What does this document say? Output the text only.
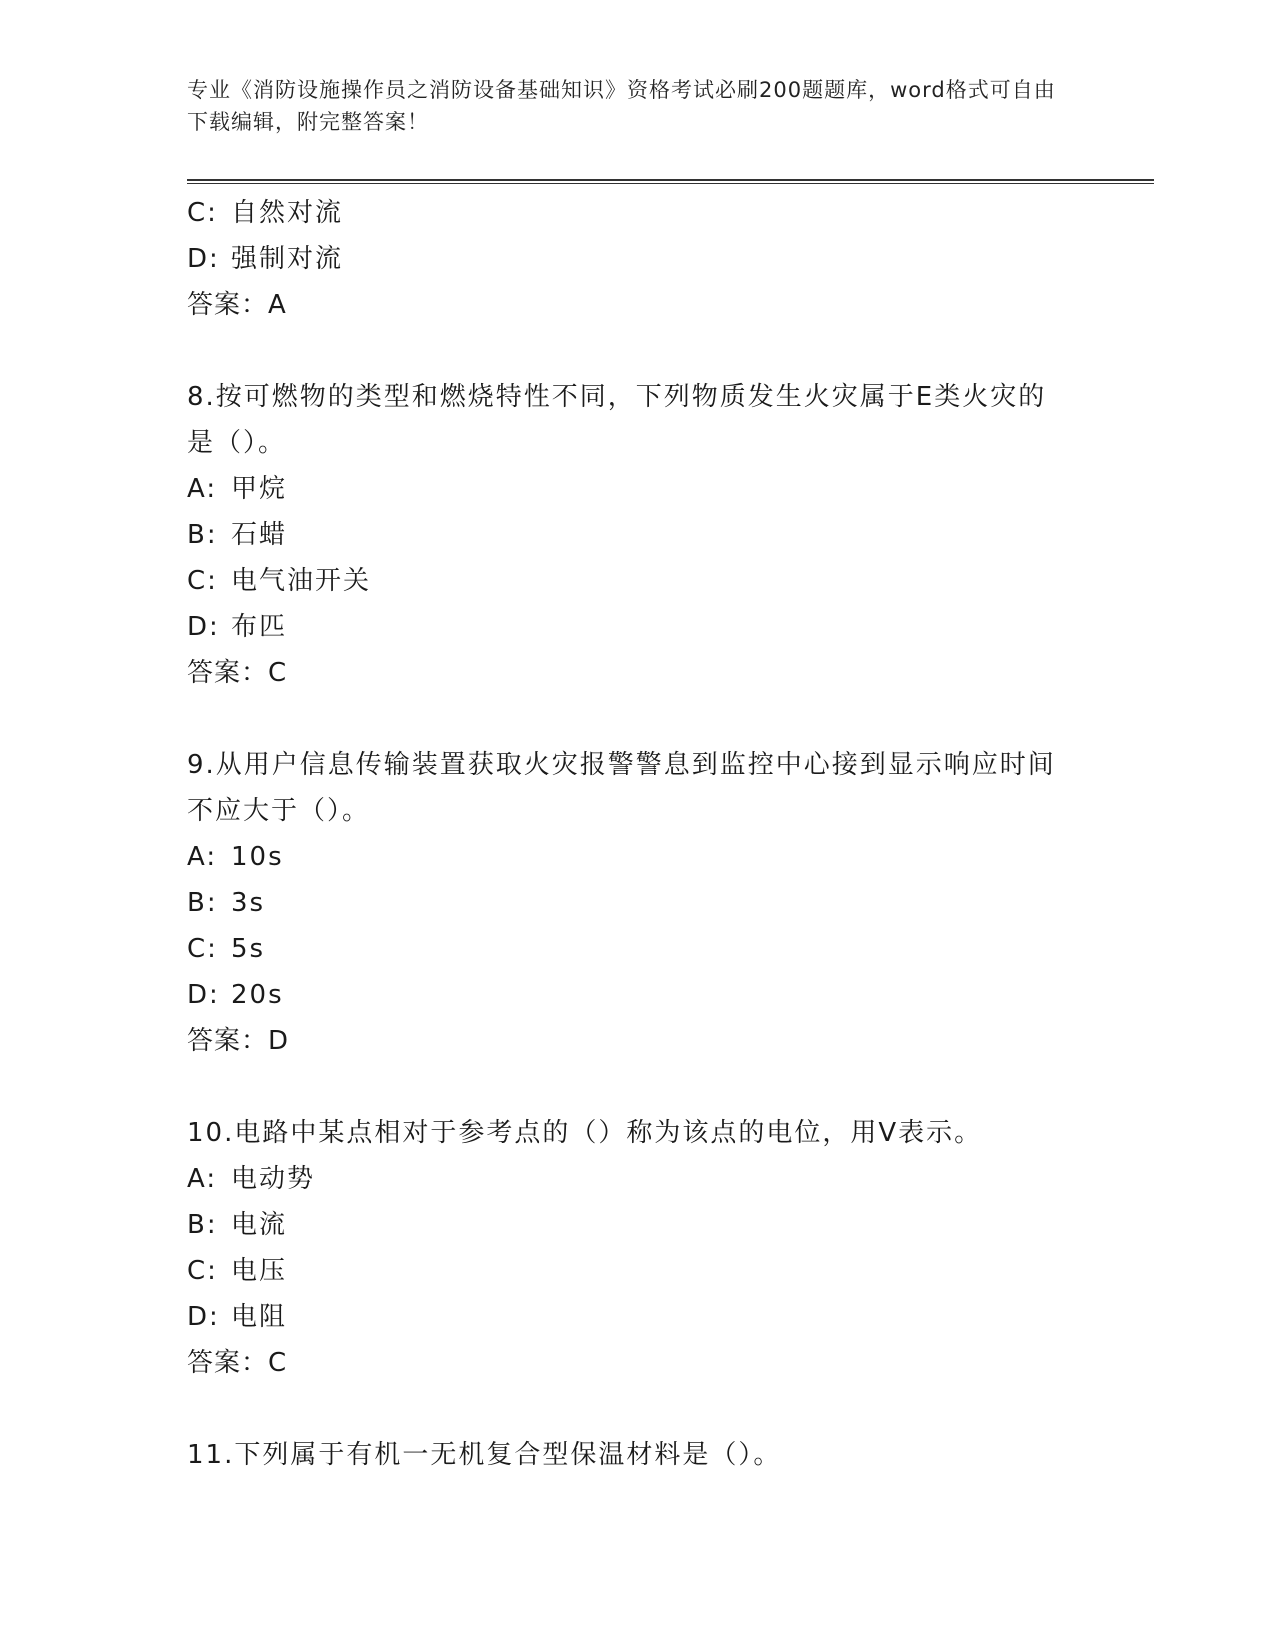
专业《消防设施操作员之消防设备基础知识》资格考试必刷200题题库，word格式可自由下载编辑，附完整答案！
C: 自然对流
D: 强制对流
答案：A
8.按可燃物的类型和燃烧特性不同，下列物质发生火灾属于E类火灾的是（）。
A: 甲烷
B: 石蜡
C: 电气油开关
D: 布匹
答案：C
9.从用户信息传输装置获取火灾报警警息到监控中心接到显示响应时间不应大于（）。
A: 10s
B: 3s
C: 5s
D: 20s
答案：D
10.电路中某点相对于参考点的（）称为该点的电位，用V表示。
A: 电动势
B: 电流
C: 电压
D: 电阻
答案：C
11.下列属于有机一无机复合型保温材料是（）。
